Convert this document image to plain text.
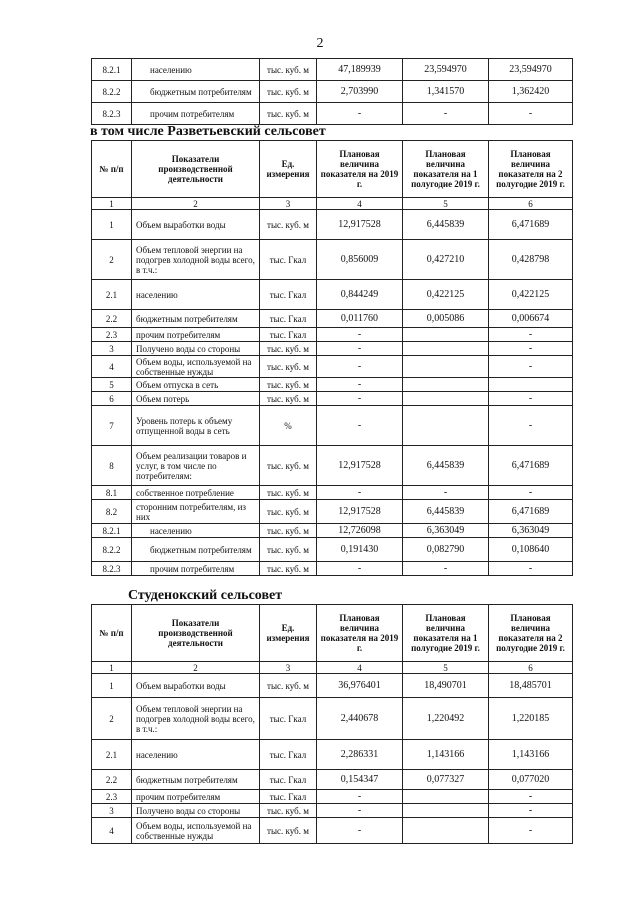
2
8.2.1	населению	тыс. куб. м	47,189939	23,594970	23,594970
8.2.2	бюджетным потребителям	тыс. куб. м	2,703990	1,341570	1,362420
8.2.3	прочим потребителям	тыс. куб. м	-	-	-
в том числе Разветьевский сельсовет
№ п/п	Показатели производственной деятельности	Ед. измерения	Плановая величина показателя на 2019 г.	Плановая величина показателя на 1 полугодие 2019 г.	Плановая величина показателя на 2 полугодие 2019 г.
1	2	3	4	5	6
1	Объем выработки воды	тыс. куб. м	12,917528	6,445839	6,471689
2	Объем тепловой энергии на подогрев холодной воды всего, в т.ч.:	тыс. Гкал	0,856009	0,427210	0,428798
2.1	населению	тыс. Гкал	0,844249	0,422125	0,422125
2.2	бюджетным потребителям	тыс. Гкал	0,011760	0,005086	0,006674
2.3	прочим потребителям	тыс. Гкал	-		-
3	Получено воды со стороны	тыс. куб. м	-		-
4	Объем воды, используемой на собственные нужды	тыс. куб. м	-		-
5	Объем отпуска в сеть	тыс. куб. м	-		
6	Объем потерь	тыс. куб. м	-		-
7	Уровень потерь к объему отпущенной воды в сеть	%	-		-
8	Объем реализации товаров и услуг, в том числе по потребителям:	тыс. куб. м	12,917528	6,445839	6,471689
8.1	собственное потребление	тыс. куб. м	-	-	-
8.2	сторонним потребителям, из них	тыс. куб. м	12,917528	6,445839	6,471689
8.2.1	населению	тыс. куб. м	12,726098	6,363049	6,363049
8.2.2	бюджетным потребителям	тыс. куб. м	0,191430	0,082790	0,108640
8.2.3	прочим потребителям	тыс. куб. м	-	-	-
Студенокский сельсовет
№ п/п	Показатели производственной деятельности	Ед. измерения	Плановая величина показателя на 2019 г.	Плановая величина показателя на 1 полугодие 2019 г.	Плановая величина показателя на 2 полугодие 2019 г.
1	2	3	4	5	6
1	Объем выработки воды	тыс. куб. м	36,976401	18,490701	18,485701
2	Объем тепловой энергии на подогрев холодной воды всего, в т.ч.:	тыс. Гкал	2,440678	1,220492	1,220185
2.1	населению	тыс. Гкал	2,286331	1,143166	1,143166
2.2	бюджетным потребителям	тыс. Гкал	0,154347	0,077327	0,077020
2.3	прочим потребителям	тыс. Гкал	-		-
3	Получено воды со стороны	тыс. куб. м	-		-
4	Объем воды, используемой на собственные нужды	тыс. куб. м	-		-
